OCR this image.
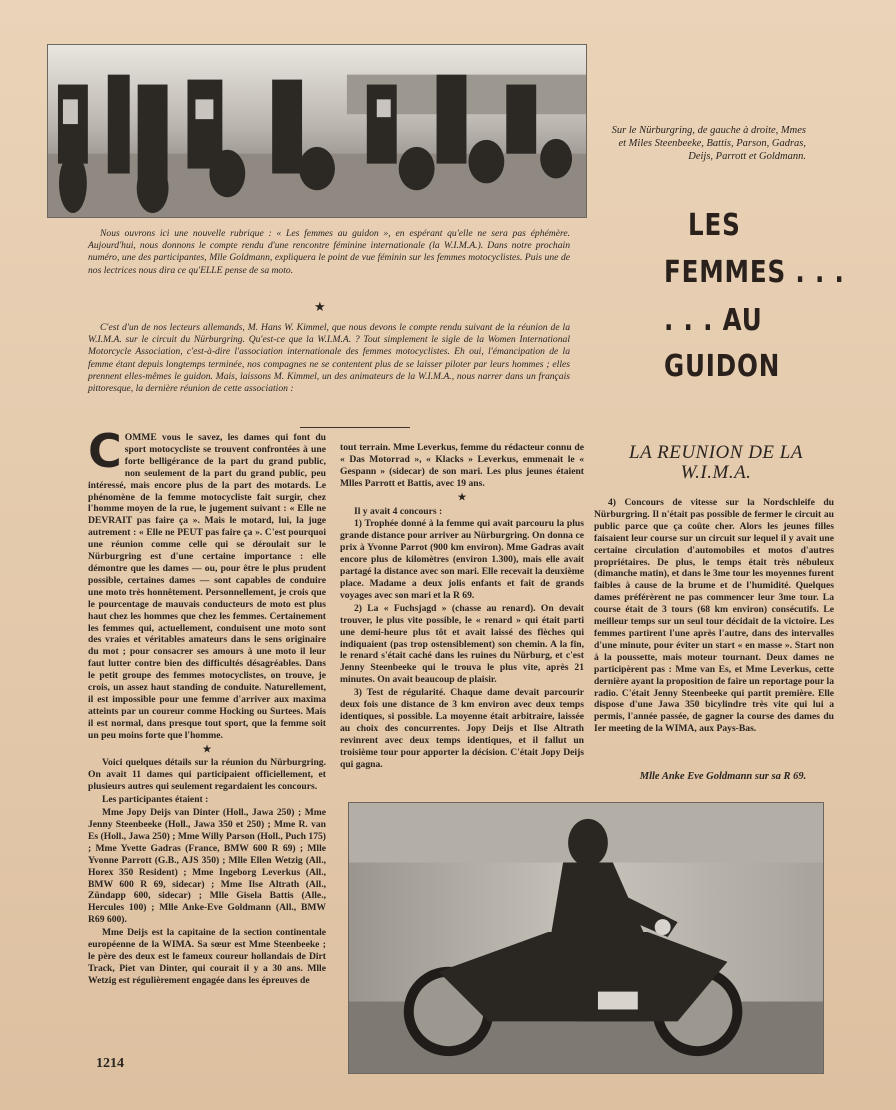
Sur le Nürburgring, de gauche à droite, Mmes et Miles Steenbeeke, Battis, Parson, Gadras, Deijs, Parrott et Goldmann.
LES
FEMMES . . .
. . . AU
GUIDON
Nous ouvrons ici une nouvelle rubrique : « Les femmes au guidon », en espérant qu'elle ne sera pas éphémère. Aujourd'hui, nous donnons le compte rendu d'une rencontre féminine internationale (la W.I.M.A.). Dans notre prochain numéro, une des participantes, Mlle Goldmann, expliquera le point de vue féminin sur les femmes motocyclistes. Puis une de nos lectrices nous dira ce qu'ELLE pense de sa moto.
★
C'est d'un de nos lecteurs allemands, M. Hans W. Kimmel, que nous devons le compte rendu suivant de la réunion de la W.I.M.A. sur le circuit du Nürburgring. Qu'est-ce que la W.I.M.A. ? Tout simplement le sigle de la Women International Motorcycle Association, c'est-à-dire l'association internationale des femmes motocyclistes. Eh oui, l'émancipation de la femme étant depuis longtemps terminée, nos compagnes ne se contentent plus de se laisser piloter par leurs hommes ; elles prennent elles-mêmes le guidon. Mais, laissons M. Kimmel, un des animateurs de la W.I.M.A., nous narrer dans un français pittoresque, la dernière réunion de cette association :
LA REUNION DE LA W.I.M.A.

COMME vous le savez, les dames qui font du sport motocycliste se trouvent confrontées à une forte belligérance de la part du grand public, non seulement de la part du grand public, peu intéressé, mais encore plus de la part des motards. Le phénomène de la femme motocycliste fait surgir, chez l'homme moyen de la rue, le jugement suivant : « Elle ne DEVRAIT pas faire ça ». Mais le motard, lui, la juge autrement : « Elle ne PEUT pas faire ça ». C'est pourquoi une réunion comme celle qui se déroulait sur le Nürburgring est d'une certaine importance : elle démontre que les dames — ou, pour être le plus prudent possible, certaines dames — sont capables de conduire une moto très honnêtement. Personnellement, je crois que le pourcentage de mauvais conducteurs de moto est plus haut chez les hommes que chez les femmes. Certainement les femmes qui, actuellement, conduisent une moto sont des vraies et véritables amateurs dans le sens originaire du mot ; pour consacrer ses amours à une moto il leur faut lutter contre bien des difficultés désagréables. Dans le petit groupe des femmes motocyclistes, on trouve, je crois, un assez haut standing de conduite. Naturellement, il est impossible pour une femme d'arriver aux maxima atteints par un coureur comme Hocking ou Surtees. Mais il est normal, dans presque tout sport, que la femme soit un peu moins forte que l'homme.

★

Voici quelques détails sur la réunion du Nürburgring. On avait 11 dames qui participaient officiellement, et plusieurs autres qui seulement regardaient les concours.

Les participantes étaient :

Mme Jopy Deijs van Dinter (Holl., Jawa 250) ; Mme Jenny Steenbeeke (Holl., Jawa 350 et 250) ; Mme R. van Es (Holl., Jawa 250) ; Mme Willy Parson (Holl., Puch 175) ; Mme Yvette Gadras (France, BMW 600 R 69) ; Mlle Yvonne Parrott (G.B., AJS 350) ; Mlle Ellen Wetzig (All., Horex 350 Resident) ; Mme Ingeborg Leverkus (All., BMW 600 R 69, sidecar) ; Mme Ilse Altrath (All., Zündapp 600, sidecar) ; Mlle Gisela Battis (Alle., Hercules 100) ; Mlle Anke-Eve Goldmann (All., BMW R69 600).

Mme Deijs est la capitaine de la section continentale européenne de la WIMA. Sa sœur est Mme Steenbeeke ; le père des deux est le fameux coureur hollandais de Dirt Track, Piet van Dinter, qui courait il y a 30 ans. Mlle Wetzig est régulièrement engagée dans les épreuves de

tout terrain. Mme Leverkus, femme du rédacteur connu de « Das Motorrad », « Klacks » Leverkus, emmenait le « Gespann » (sidecar) de son mari. Les plus jeunes étaient Mlles Parrott et Battis, avec 19 ans.

★

Il y avait 4 concours :

1) Trophée donné à la femme qui avait parcouru la plus grande distance pour arriver au Nürburgring. On donna ce prix à Yvonne Parrot (900 km environ). Mme Gadras avait encore plus de kilomètres (environ 1.300), mais elle avait partagé la distance avec son mari. Elle recevait la deuxième place. Madame a deux jolis enfants et fait de grands voyages avec son mari et la R 69.

2) La « Fuchsjagd » (chasse au renard). On devait trouver, le plus vite possible, le « renard » qui était parti une demi-heure plus tôt et avait laissé des flèches qui indiquaient (pas trop ostensiblement) son chemin. A la fin, le renard s'était caché dans les ruines du Nürburg, et c'est Jenny Steenbeeke qui le trouva le plus vite, après 21 minutes. On avait beaucoup de plaisir.

3) Test de régularité. Chaque dame devait parcourir deux fois une distance de 3 km environ avec deux temps identiques, si possible. La moyenne était arbitraire, laissée au choix des concurrentes. Jopy Deijs et Ilse Altrath revinrent avec deux temps identiques, et il fallut un troisième tour pour apporter la décision. C'était Jopy Deijs qui gagna.

4) Concours de vitesse sur la Nordschleife du Nürburgring. Il n'était pas possible de fermer le circuit au public parce que ça coûte cher. Alors les jeunes filles faisaient leur course sur un circuit sur lequel il y avait une certaine circulation d'automobiles et motos d'autres propriétaires. De plus, le temps était très nébuleux (dimanche matin), et dans le 3me tour les moyennes furent faibles à cause de la brume et de l'humidité. Quelques dames préférèrent ne pas commencer leur 3me tour. La course était de 3 tours (68 km environ) consécutifs. Le meilleur temps sur un seul tour décidait de la victoire. Les femmes partirent l'une après l'autre, dans des intervalles d'une minute, pour éviter un start « en masse ». Start non à la poussette, mais moteur tournant. Deux dames ne participèrent pas : Mme van Es, et Mme Leverkus, cette dernière ayant la proposition de faire un reportage pour la radio. C'était Jenny Steenbeeke qui partit première. Elle dispose d'une Jawa 350 bicylindre très vite qui lui a permis, l'année passée, de gagner la course des dames du Ier meeting de la WIMA, aux Pays-Bas.

Mlle Anke Eve Goldmann sur sa R 69.
1214
